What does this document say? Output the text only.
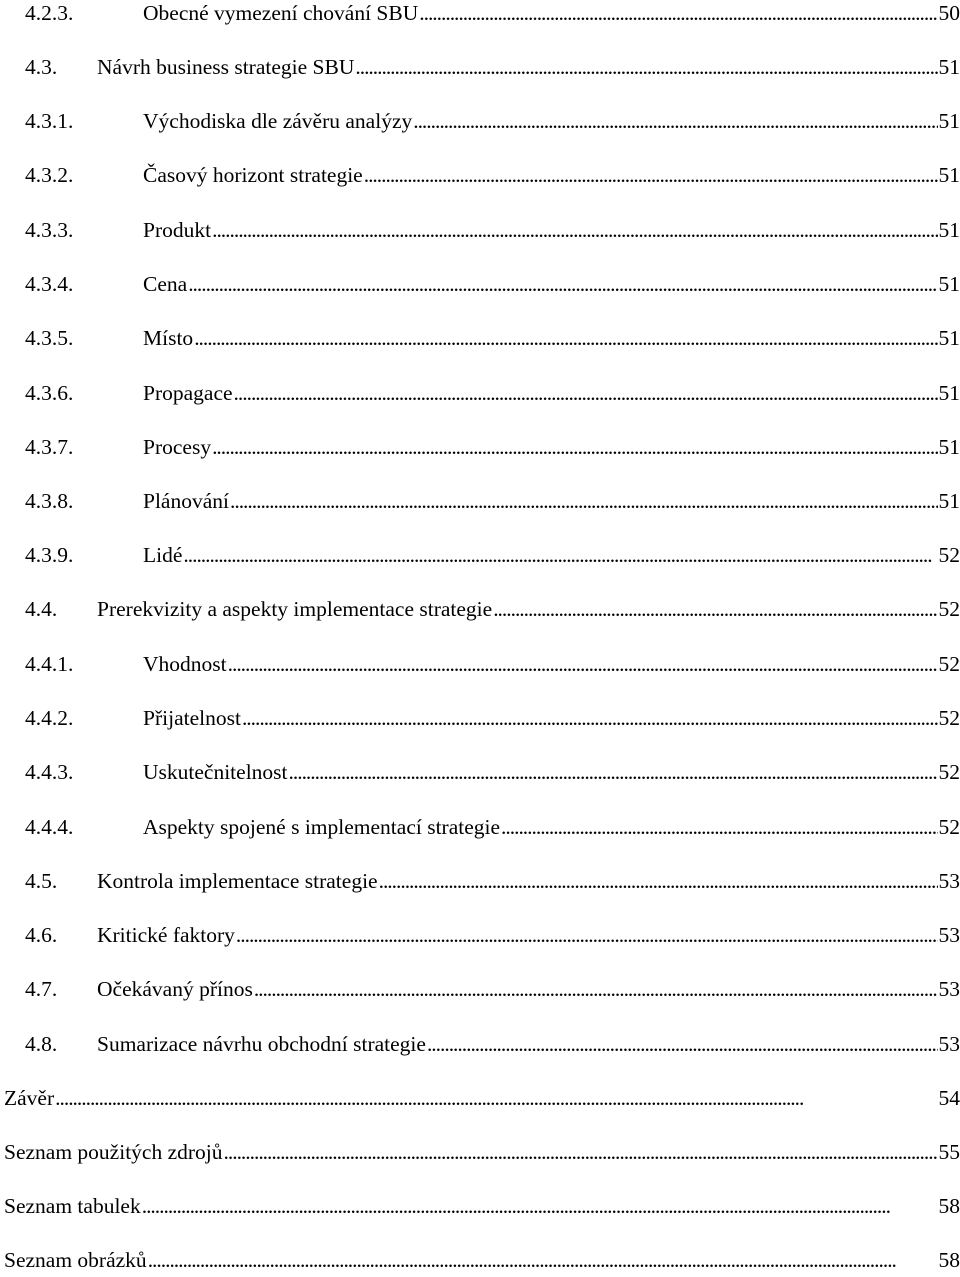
4.2.3.	Obecné vymezení chování SBU . . .	50
4.3.	Návrh business strategie SBU . . .	51
4.3.1.	Východiska dle závěru analýzy . . .	51
4.3.2.	Časový horizont strategie . . .	51
4.3.3.	Produkt . . .	51
4.3.4.	Cena . . .	51
4.3.5.	Místo . . .	51
4.3.6.	Propagace . . .	51
4.3.7.	Procesy . . .	51
4.3.8.	Plánování . . .	51
4.3.9.	Lidé . . .	52
4.4.	Prerekvizity a aspekty implementace strategie . . .	52
4.4.1.	Vhodnost . . .	52
4.4.2.	Přijatelnost . . .	52
4.4.3.	Uskutečnitelnost . . .	52
4.4.4.	Aspekty spojené s implementací strategie . . .	52
4.5.	Kontrola implementace strategie . . .	53
4.6.	Kritické faktory . . .	53
4.7.	Očekávaný přínos . . .	53
4.8.	Sumarizace návrhu obchodní strategie . . .	53
Závěr . . .	54
Seznam použitých zdrojů . . .	55
Seznam tabulek . . .	58
Seznam obrázků . . .	58
